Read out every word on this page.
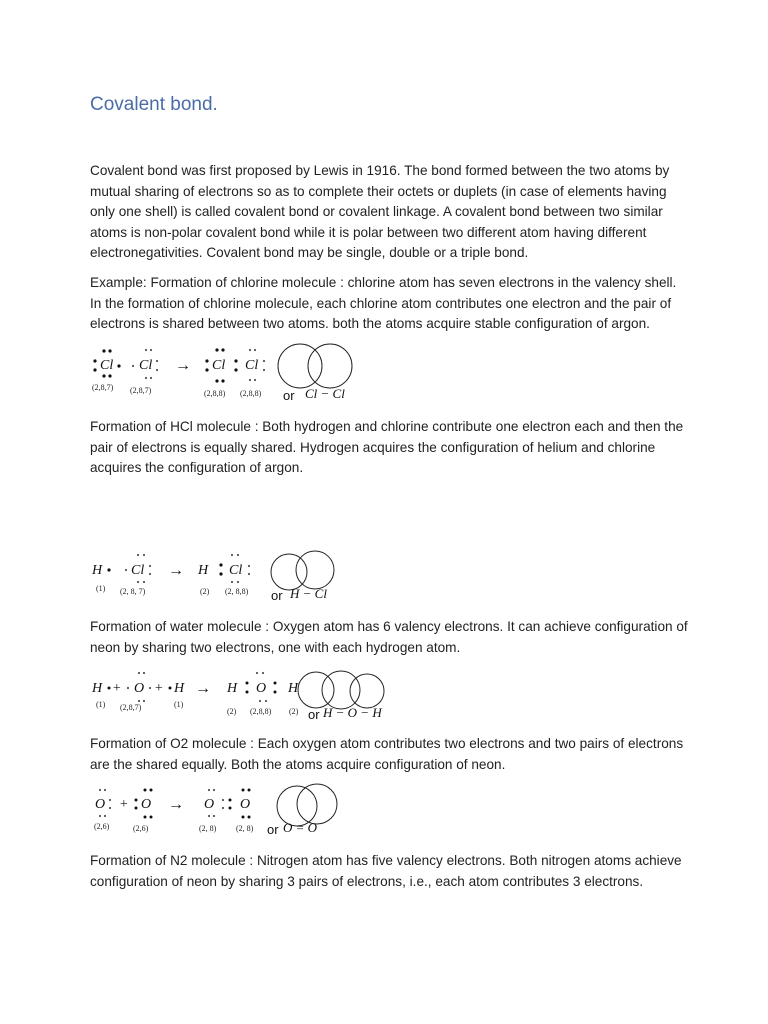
Covalent bond.

Covalent bond was first proposed by Lewis in 1916. The bond formed between the two atoms by mutual sharing of electrons so as to complete their octets or duplets (in case of elements having only one shell) is called covalent bond or covalent linkage. A covalent bond between two similar atoms is non-polar covalent bond while it is polar between two different atom having different electronegativities. Covalent bond may be single, double or a triple bond.

Example: Formation of chlorine molecule : chlorine atom has seven electrons in the valency shell. In the formation of chlorine molecule, each chlorine atom contributes one electron and the pair of electrons is shared between two atoms. both the atoms acquire stable configuration of argon.

Cl Cl → Cl Cl
(2,8,7) (2,8,7)	(2,8,8) (2,8,8) or Cl − Cl

Formation of HCl molecule : Both hydrogen and chlorine contribute one electron each and then the pair of electrons is equally shared. Hydrogen acquires the configuration of helium and chlorine acquires the configuration of argon.

H Cl → H Cl
(1) (2, 8, 7)	(2) (2, 8,8) or H − Cl

Formation of water molecule : Oxygen atom has 6 valency electrons. It can achieve configuration of neon by sharing two electrons, one with each hydrogen atom.

H + O + H → H O H
(1) (2,8,7)	(1)
(2) (2,8,8) (2) or H − O − H

Formation of O2 molecule : Each oxygen atom contributes two electrons and two pairs of electrons are the shared equally. Both the atoms acquire configuration of neon.

O + O → O O
(2,6)	(2,6)	(2, 8) (2, 8) or O = O

Formation of N2 molecule : Nitrogen atom has five valency electrons. Both nitrogen atoms achieve configuration of neon by sharing 3 pairs of electrons, i.e., each atom contributes 3 electrons.
